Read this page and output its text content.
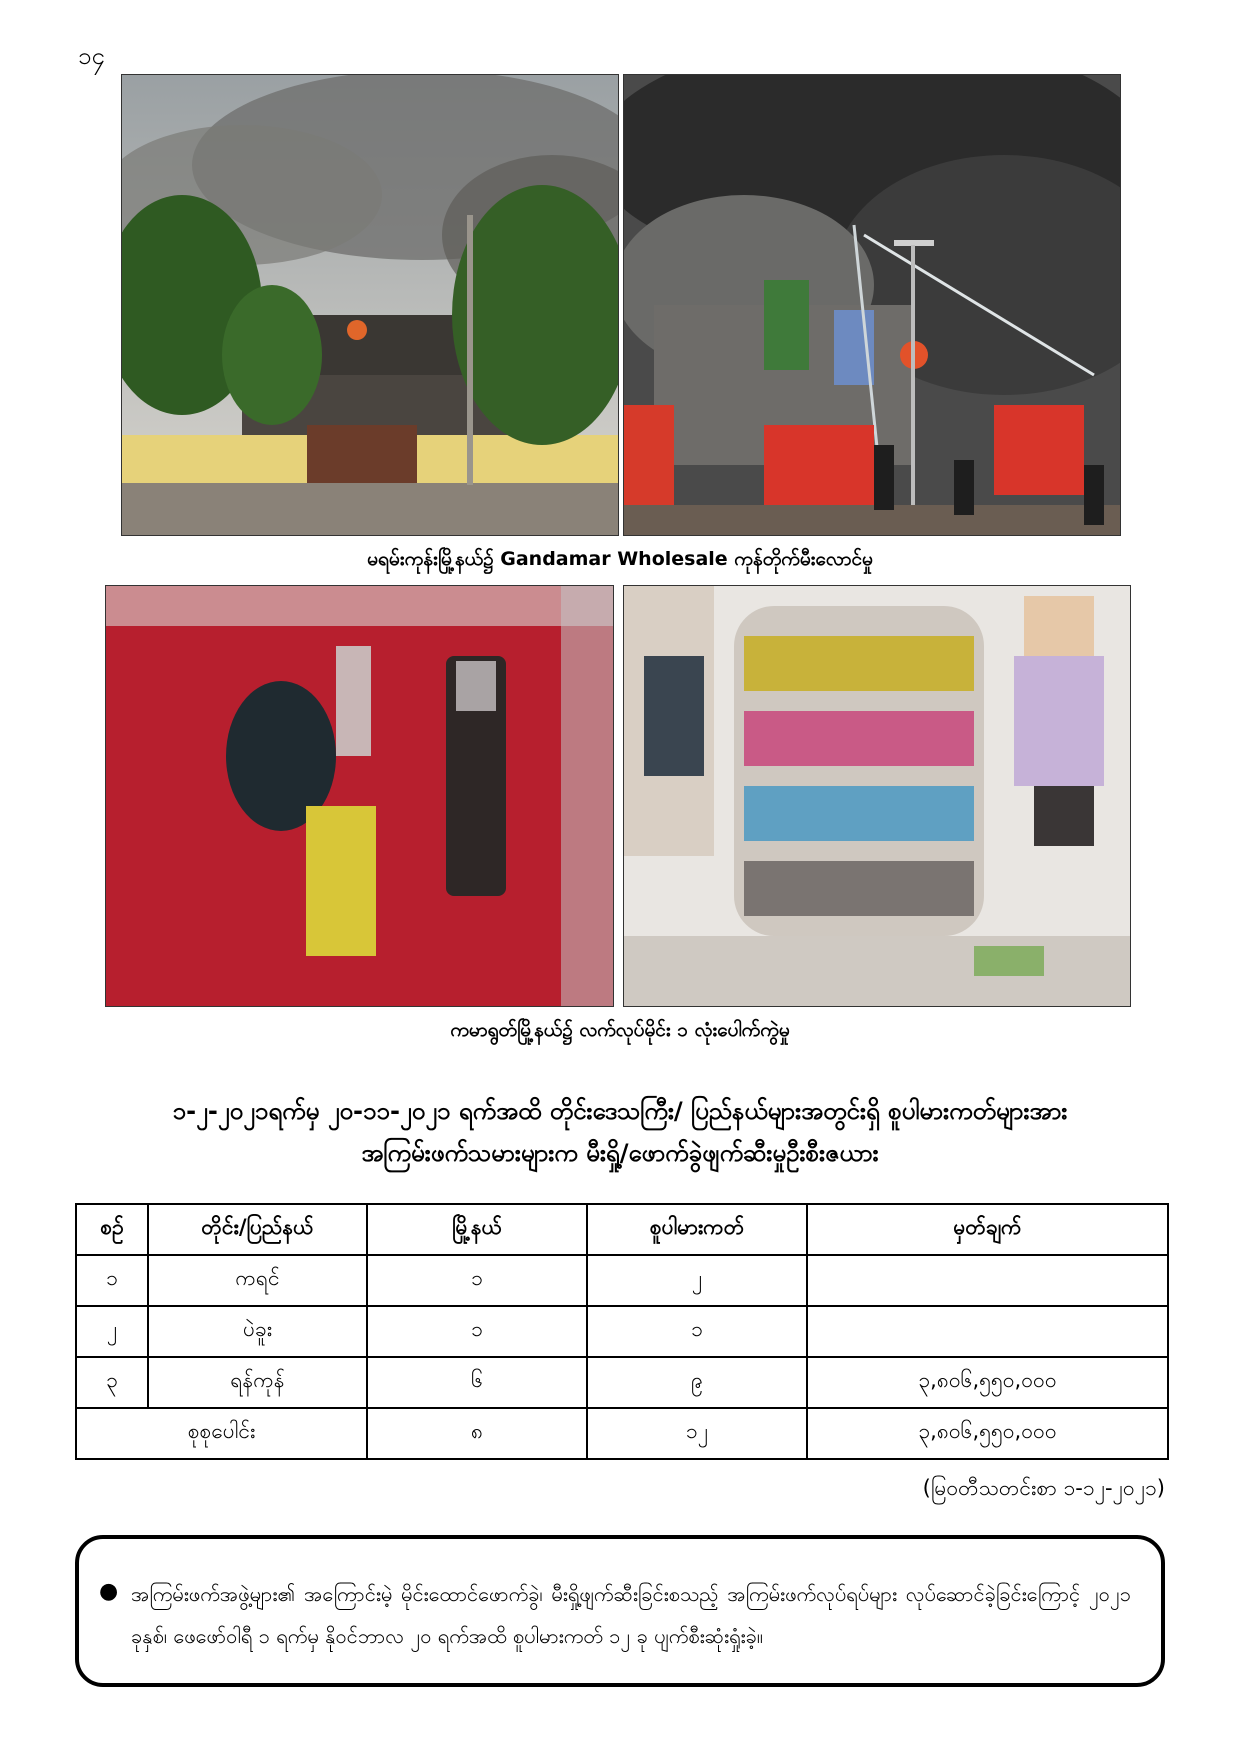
၁၄
မရမ်းကုန်းမြို့နယ်၌ Gandamar Wholesale ကုန်တိုက်မီးလောင်မှု
ကမာရွတ်မြို့နယ်၌ လက်လုပ်မိုင်း ၁ လုံးပေါက်ကွဲမှု
၁-၂-၂၀၂၁ရက်မှ ၂၀-၁၁-၂၀၂၁ ရက်အထိ တိုင်းဒေသကြီး/ ပြည်နယ်များအတွင်းရှိ စူပါမားကတ်များအား
အကြမ်းဖက်သမားများက မီးရှို့/ဖောက်ခွဲဖျက်ဆီးမှုဦးစီးဇယား
စဉ်	တိုင်း/ပြည်နယ်	မြို့နယ်	စူပါမားကတ်	မှတ်ချက်
၁	ကရင်	၁	၂	
၂	ပဲခူး	၁	၁	
၃	ရန်ကုန်	၆	၉	၃,၈၀၆,၅၅၀,၀၀၀
စုစုပေါင်း		၈	၁၂	၃,၈၀၆,၅၅၀,၀၀၀
(မြဝတီသတင်းစာ ၁-၁၂-၂၀၂၁)
● အကြမ်းဖက်အဖွဲ့များ၏ အကြောင်းမဲ့ မိုင်းထောင်ဖောက်ခွဲ၊ မီးရှို့ဖျက်ဆီးခြင်းစသည့် အကြမ်းဖက်လုပ်ရပ်များ လုပ်ဆောင်ခဲ့ခြင်းကြောင့် ၂၀၂၁ ခုနှစ်၊ ဖေဖော်ဝါရီ ၁ ရက်မှ နိုဝင်ဘာလ ၂၀ ရက်အထိ စူပါမားကတ် ၁၂ ခု ပျက်စီးဆုံးရှုံးခဲ့။
